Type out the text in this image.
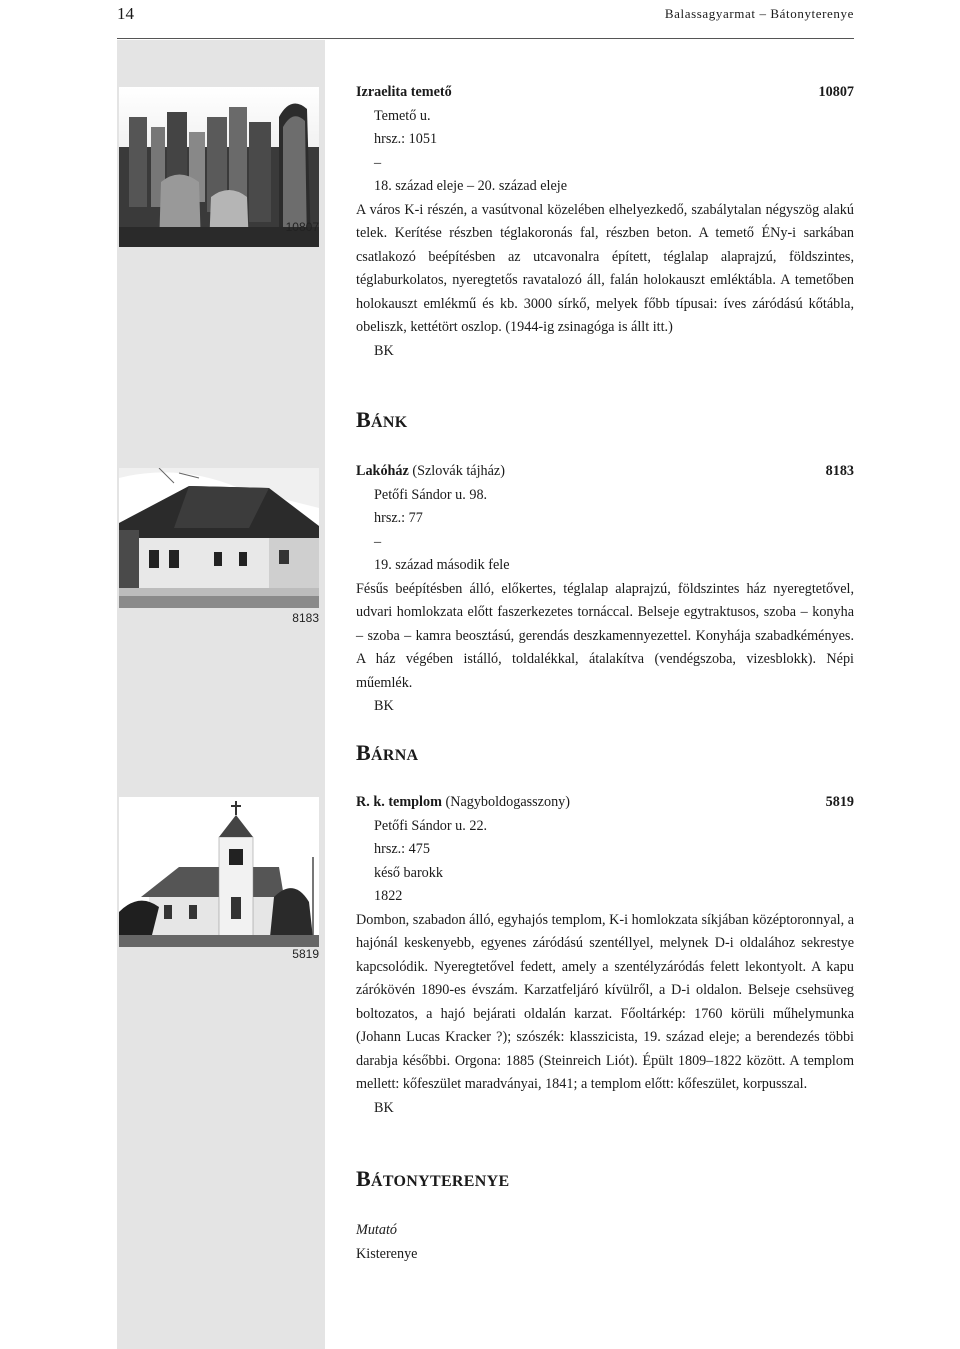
14	Balassagyarmat – Bátonyterenye
10807
8183
5819
Izraelita temető	10807

Temető u.

hrsz.: 1051

–

18. század eleje – 20. század eleje

A város K-i részén, a vasútvonal közelében elhelyezkedő, szabálytalan négyszög alakú telek. Kerítése részben téglakoronás fal, részben beton. A temető ÉNy-i sarkában csatlakozó beépítésben az utcavonalra épített, téglalap alaprajzú, földszintes, téglaburkolatos, nyeregtetős ravatalozó áll, falán holokauszt emléktábla. A temetőben holokauszt emlékmű és kb. 3000 sírkő, melyek főbb típusai: íves záródású kőtábla, obeliszk, kettétört oszlop. (1944-ig zsinagóga is állt itt.)

BK

BÁNK
Lakóház (Szlovák tájház)	8183

Petőfi Sándor u. 98.

hrsz.: 77

–

19. század második fele

Fésűs beépítésben álló, előkertes, téglalap alaprajzú, földszintes ház nyeregtetővel, udvari homlokzata előtt faszerkezetes tornáccal. Belseje egytraktusos, szoba – konyha – szoba – kamra beosztású, gerendás deszkamennyezettel. Konyhája szabadkéményes. A ház végében istálló, toldalékkal, átalakítva (vendégszoba, vizesblokk). Népi műemlék.

BK

BÁRNA
R. k. templom (Nagyboldogasszony)	5819

Petőfi Sándor u. 22.

hrsz.: 475

késő barokk

1822

Dombon, szabadon álló, egyhajós templom, K-i homlokzata síkjában középtoronnyal, a hajónál keskenyebb, egyenes záródású szentéllyel, melynek D-i oldalához sekrestye kapcsolódik. Nyeregtetővel fedett, amely a szentélyzáródás felett lekontyolt. A kapu zárókövén 1890-es évszám. Karzatfeljáró kívülről, a D-i oldalon. Belseje csehsüveg boltozatos, a hajó bejárati oldalán karzat. Főoltárkép: 1760 körüli műhelymunka (Johann Lucas Kracker ?); szószék: klasszicista, 19. század eleje; a berendezés többi darabja későbbi. Orgona: 1885 (Steinreich Liót). Épült 1809–1822 között. A templom mellett: kőfeszület maradványai, 1841; a templom előtt: kőfeszület, korpusszal.

BK

BÁTONYTERENYE

Mutató

Kisterenye
